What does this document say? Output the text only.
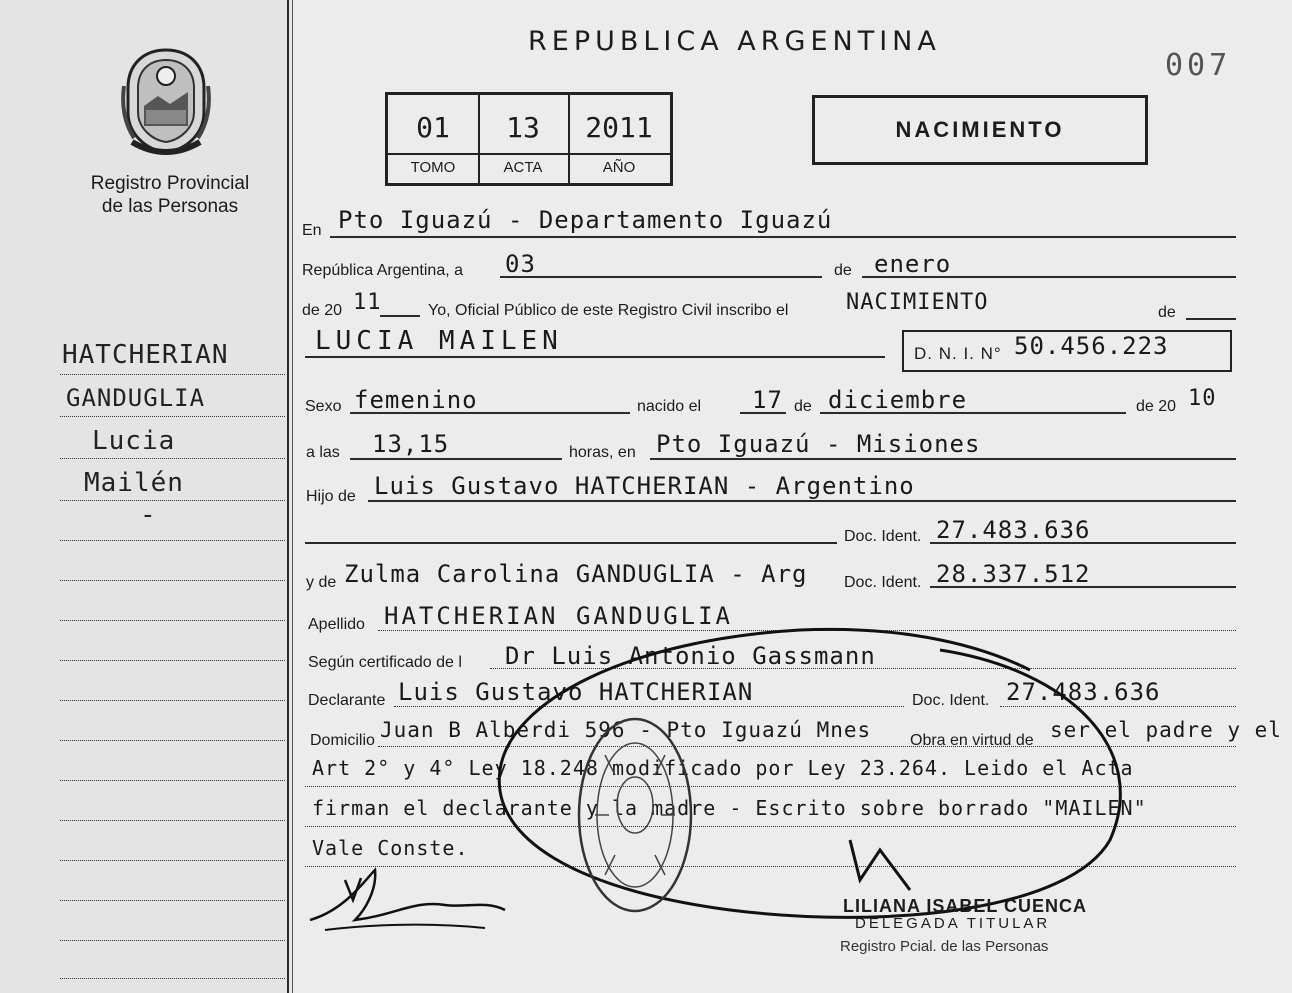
Registro Provincial
de las Personas
HATCHERIAN
GANDUGLIA
Lucia
Mailén
-
REPUBLICA ARGENTINA
007
01
TOMO
13
ACTA
2011
AÑO
NACIMIENTO
En Pto Iguazú - Departamento Iguazú
República Argentina, a 03	de enero
de 20 11	Yo, Oficial Público de este Registro Civil inscribo el	NACIMIENTO	de
LUCIA MAILEN	D. N. I. N° 50.456.223
Sexo femenino	nacido el 17 de diciembre	de 20 10
a las 13,15	horas, en Pto Iguazú - Misiones
Hijo de Luis Gustavo HATCHERIAN - Argentino
Doc. Ident. 27.483.636
y de Zulma Carolina GANDUGLIA - Arg Doc. Ident. 28.337.512
Apellido HATCHERIAN GANDUGLIA
Según certificado de l Dr Luis Antonio Gassmann
Declarante Luis Gustavo HATCHERIAN	Doc. Ident. 27.483.636
Domicilio Juan B Alberdi 596 - Pto Iguazú Mnes Obra en virtud de ser el padre y el
Art 2° y 4° Ley 18.248 modificado por Ley 23.264. Leido el Acta
firman el declarante y la madre - Escrito sobre borrado "MAILEN"
Vale Conste.
LILIANA ISABEL CUENCA
DELEGADA TITULAR
Registro Pcial. de las Personas
